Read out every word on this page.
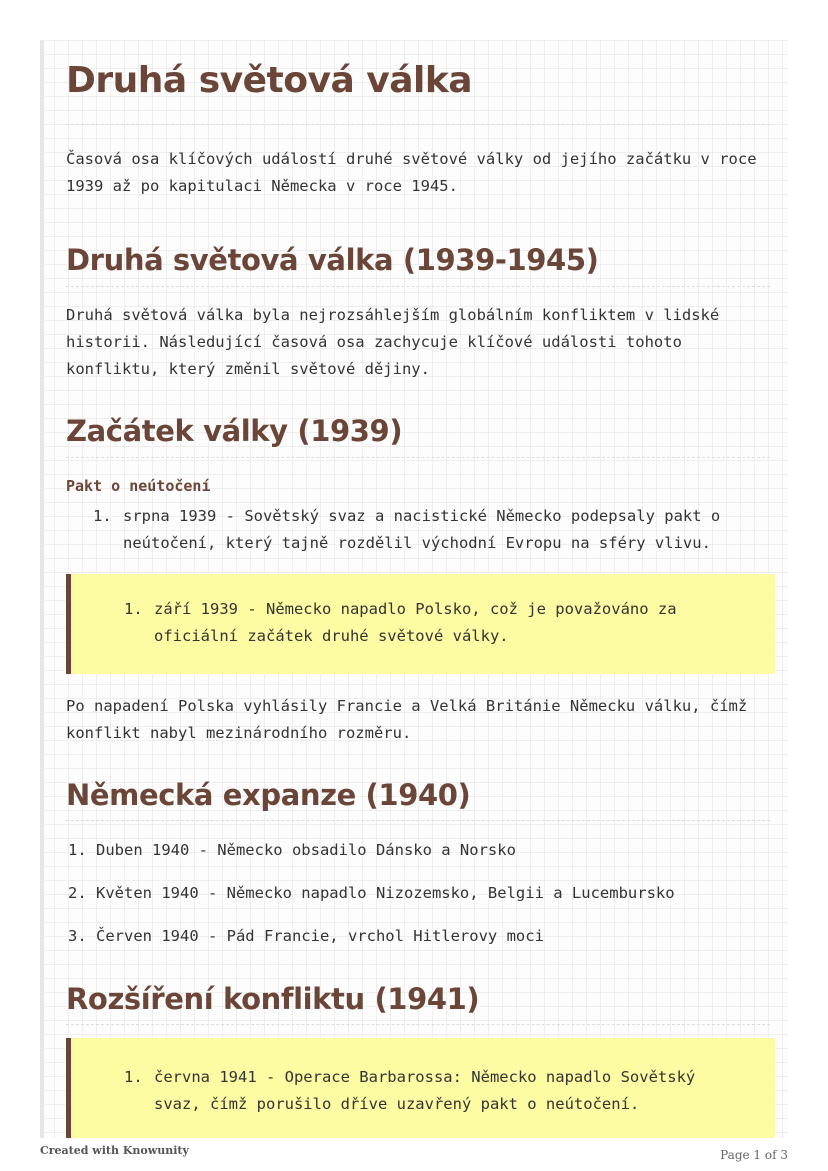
Druhá světová válka

Časová osa klíčových událostí druhé světové války od jejího začátku v roce 1939 až po kapitulaci Německa v roce 1945.

Druhá světová válka (1939-1945)

Druhá světová válka byla nejrozsáhlejším globálním konfliktem v lidské historii. Následující časová osa zachycuje klíčové události tohoto konfliktu, který změnil světové dějiny.

Začátek války (1939)

Pakt o neútočení

1. srpna 1939 - Sovětský svaz a nacistické Německo podepsaly pakt o neútočení, který tajně rozdělil východní Evropu na sféry vlivu.
1. září 1939 - Německo napadlo Polsko, což je považováno za oficiální začátek druhé světové války.

Po napadení Polska vyhlásily Francie a Velká Británie Německu válku, čímž konflikt nabyl mezinárodního rozměru.

Německá expanze (1940)

1. Duben 1940 - Německo obsadilo Dánsko a Norsko

2. Květen 1940 - Německo napadlo Nizozemsko, Belgii a Lucembursko

3. Červen 1940 - Pád Francie, vrchol Hitlerovy moci

Rozšíření konfliktu (1941)
1. června 1941 - Operace Barbarossa: Německo napadlo Sovětský svaz, čímž porušilo dříve uzavřený pakt o neútočení.
Created with Knowunity	Page 1 of 3
